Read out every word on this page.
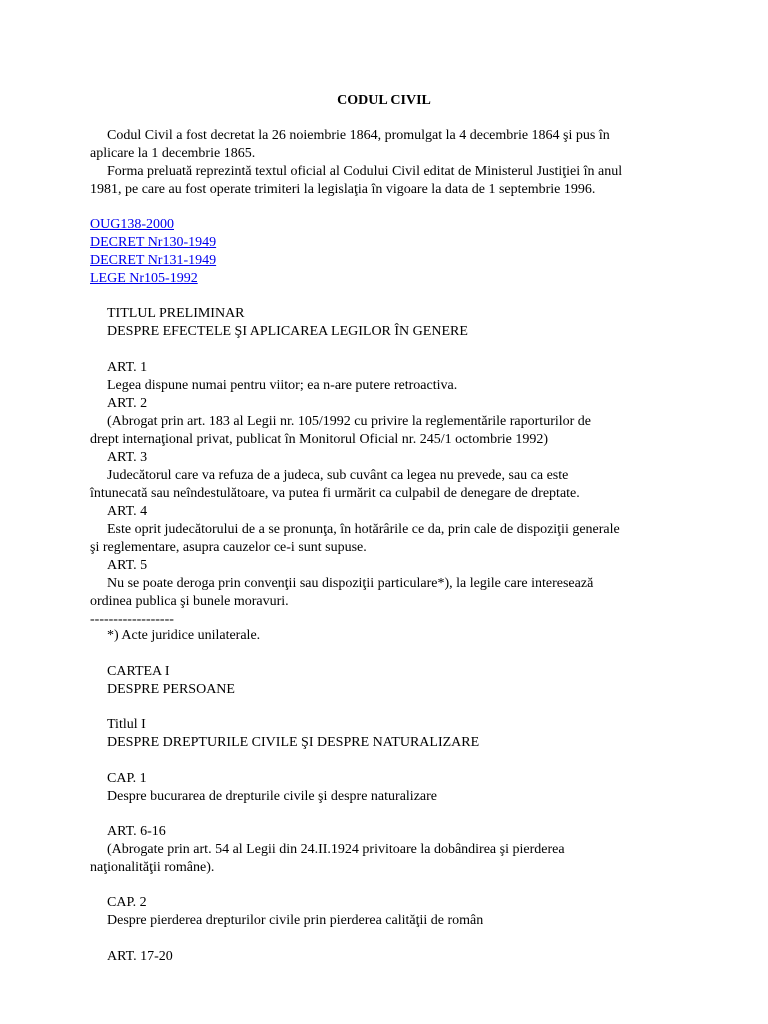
CODUL CIVIL
Codul Civil a fost decretat la 26 noiembrie 1864, promulgat la 4 decembrie 1864 şi pus în
aplicare la 1 decembrie 1865.
Forma preluată reprezintă textul oficial al Codului Civil editat de Ministerul Justiţiei în anul
1981, pe care au fost operate trimiteri la legislaţia în vigoare la data de 1 septembrie 1996.
OUG138-2000
DECRET Nr130-1949
DECRET Nr131-1949
LEGE Nr105-1992
TITLUL PRELIMINAR
DESPRE EFECTELE ŞI APLICAREA LEGILOR ÎN GENERE
ART. 1
Legea dispune numai pentru viitor; ea n-are putere retroactiva.
ART. 2
(Abrogat prin art. 183 al Legii nr. 105/1992 cu privire la reglementările raporturilor de
drept internaţional privat, publicat în Monitorul Oficial nr. 245/1 octombrie 1992)
ART. 3
Judecătorul care va refuza de a judeca, sub cuvânt ca legea nu prevede, sau ca este
întunecată sau neîndestulătoare, va putea fi urmărit ca culpabil de denegare de dreptate.
ART. 4
Este oprit judecătorului de a se pronunţa, în hotărârile ce da, prin cale de dispoziţii generale
şi reglementare, asupra cauzelor ce-i sunt supuse.
ART. 5
Nu se poate deroga prin convenţii sau dispoziţii particulare*), la legile care interesează
ordinea publica şi bunele moravuri.
------------------
*) Acte juridice unilaterale.
CARTEA I
DESPRE PERSOANE
Titlul I
DESPRE DREPTURILE CIVILE ŞI DESPRE NATURALIZARE
CAP. 1
Despre bucurarea de drepturile civile şi despre naturalizare
ART. 6-16
(Abrogate prin art. 54 al Legii din 24.II.1924 privitoare la dobândirea şi pierderea
naţionalităţii române).
CAP. 2
Despre pierderea drepturilor civile prin pierderea calităţii de român
ART. 17-20
